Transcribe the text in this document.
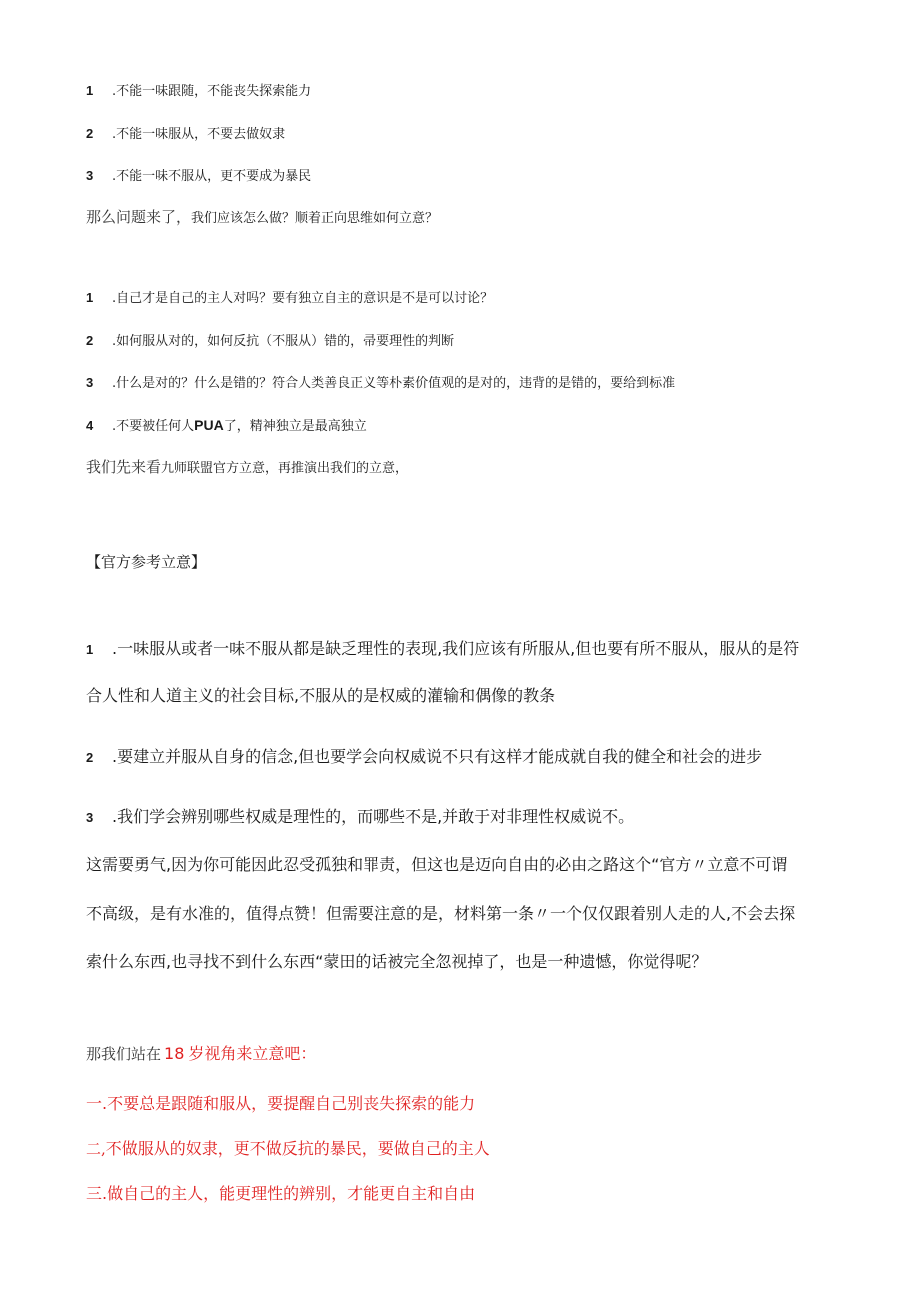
1 .不能一味跟随，不能丧失探索能力
2 .不能一味服从，不要去做奴隶
3 .不能一味不服从，更不要成为暴民
那么问题来了，我们应该怎么做？顺着正向思维如何立意？
1 .自己才是自己的主人对吗？要有独立自主的意识是不是可以讨论？
2 .如何服从对的，如何反抗（不服从）错的，帚要理性的判断
3 .什么是对的？什么是错的？符合人类善良正义等朴素价值观的是对的，违背的是错的，要给到标准
4 .不要被任何人PUA了，精神独立是最高独立
我们先来看九师联盟官方立意，再推演出我们的立意，
【官方参考立意】
1 .一味服从或者一味不服从都是缺乏理性的表现,我们应该有所服从,但也要有所不服从，服从的是符
合人性和人道主义的社会目标,不服从的是权威的灌输和偶像的教条
2 .要建立并服从自身的信念,但也要学会向权威说不只有这样才能成就自我的健全和社会的进步
3 .我们学会辨别哪些权威是理性的，而哪些不是,并敢于对非理性权威说不。
这需要勇气,因为你可能因此忍受孤独和罪责，但这也是迈向自由的必由之路这个“官方〃立意不可谓
不高级，是有水准的，值得点赞！但需要注意的是，材料第一条〃一个仅仅跟着别人走的人,不会去探
索什么东西,也寻找不到什么东西“蒙田的话被完全忽视掉了，也是一种遗憾，你觉得呢？
那我们站在 18 岁视角来立意吧：
一.不要总是跟随和服从，要提醒自己别丧失探索的能力
二,不做服从的奴隶，更不做反抗的暴民，要做自己的主人
三.做自己的主人，能更理性的辨别，才能更自主和自由
